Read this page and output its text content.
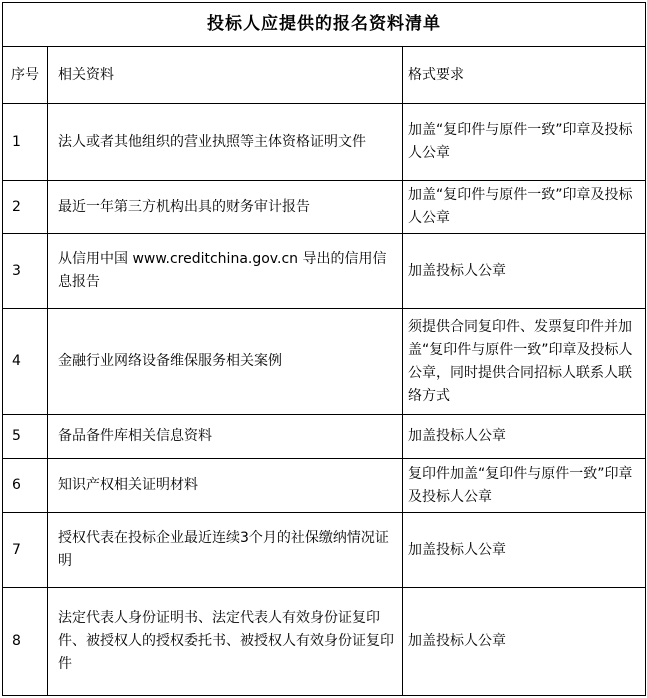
投标人应提供的报名资料清单		
序号	相关资料	格式要求
1	法人或者其他组织的营业执照等主体资格证明文件	加盖“复印件与原件一致”印章及投标人公章
2	最近一年第三方机构出具的财务审计报告	加盖“复印件与原件一致”印章及投标人公章
3	从信用中国 www.creditchina.gov.cn 导出的信用信息报告	加盖投标人公章
4	金融行业网络设备维保服务相关案例	须提供合同复印件、发票复印件并加盖“复印件与原件一致”印章及投标人公章，同时提供合同招标人联系人联络方式
5	备品备件库相关信息资料	加盖投标人公章
6	知识产权相关证明材料	复印件加盖“复印件与原件一致”印章及投标人公章
7	授权代表在投标企业最近连续3个月的社保缴纳情况证明	加盖投标人公章
8	法定代表人身份证明书、法定代表人有效身份证复印件、被授权人的授权委托书、被授权人有效身份证复印件	加盖投标人公章
